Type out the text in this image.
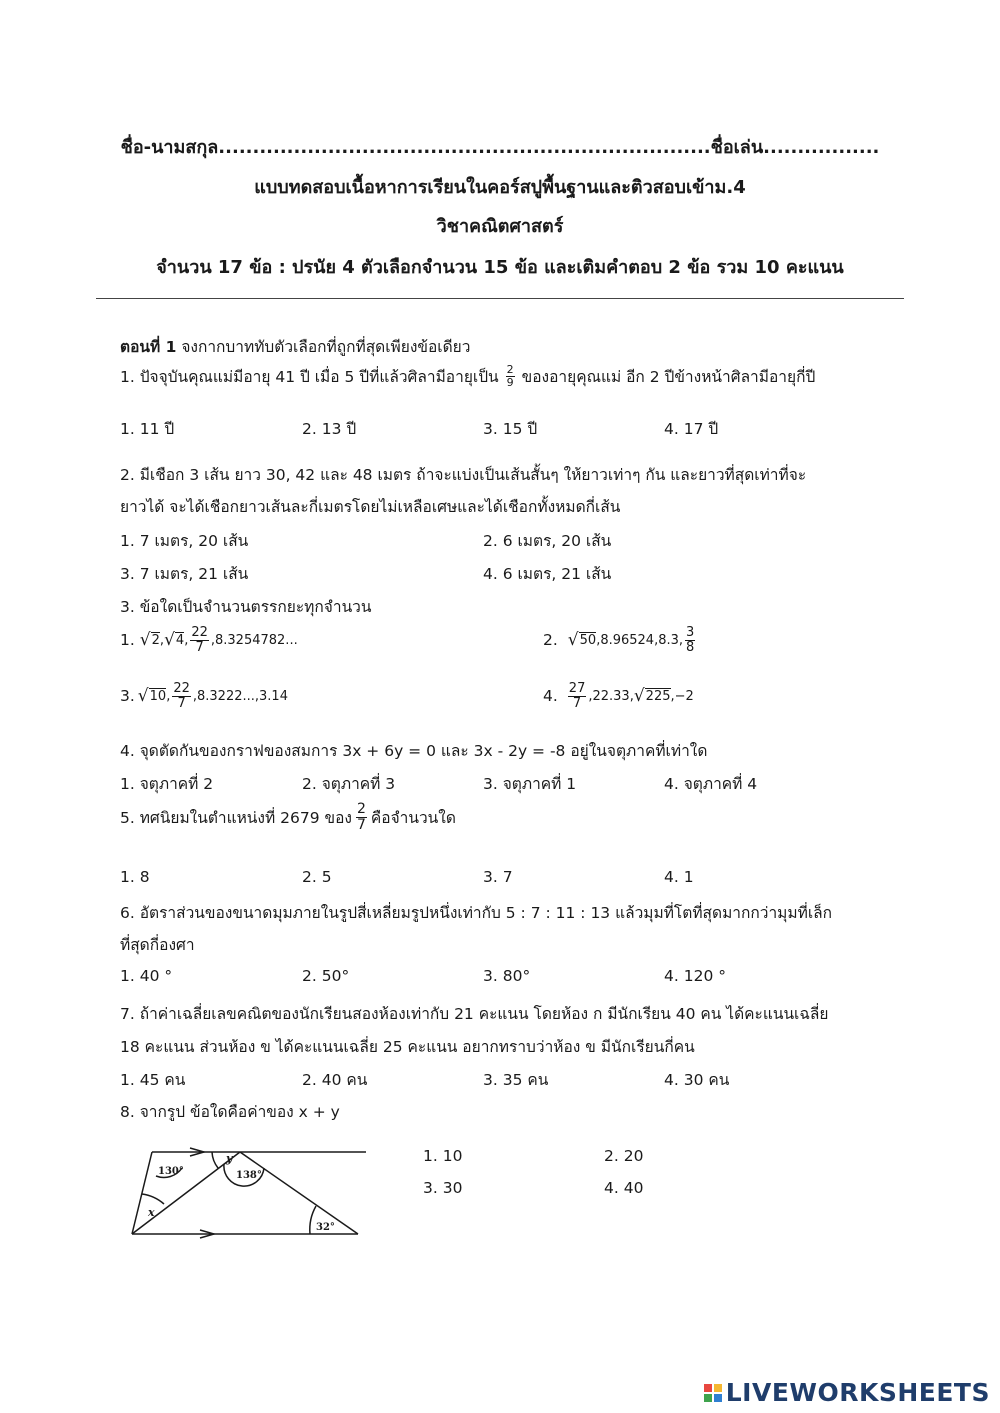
ชื่อ-นามสกุล........................................................................ชื่อเล่น.................
แบบทดสอบเนื้อหาการเรียนในคอร์สปูพื้นฐานและติวสอบเข้าม.4
วิชาคณิตศาสตร์
จำนวน 17 ข้อ : ปรนัย 4 ตัวเลือกจำนวน 15 ข้อ และเติมคำตอบ 2 ข้อ รวม 10 คะแนน
ตอนที่ 1 จงกากบาททับตัวเลือกที่ถูกที่สุดเพียงข้อเดียว
1. ปัจจุบันคุณแม่มีอายุ 41 ปี เมื่อ 5 ปีที่แล้วศิลามีอายุเป็น $\frac{2}{9}$ ของอายุคุณแม่ อีก 2 ปีข้างหน้าศิลามีอายุกี่ปี
1. 11 ปี	2. 13 ปี	3. 15 ปี	4. 17 ปี
2. มีเชือก 3 เส้น ยาว 30, 42 และ 48 เมตร ถ้าจะแบ่งเป็นเส้นสั้นๆ ให้ยาวเท่าๆ กัน และยาวที่สุดเท่าที่จะ
ยาวได้ จะได้เชือกยาวเส้นละกี่เมตรโดยไม่เหลือเศษและได้เชือกทั้งหมดกี่เส้น
1. 7 เมตร, 20 เส้น	2. 6 เมตร, 20 เส้น
3. 7 เมตร, 21 เส้น	4. 6 เมตร, 21 เส้น
3. ข้อใดเป็นจำนวนตรรกยะทุกจำนวน
1. √ 2 , √ 4 , $\frac{22}{7} ,8.3254782$...	2. √ 50 ,8.96524,8.3̇, $\frac{3}{8}$
3. √ 10 , $\frac{22}{7} ,8.3222...,3.14$	4. $\frac{27}{7}$ ,22.33̇, √ 225 ,−2
4. จุดตัดกันของกราฟของสมการ 3x + 6y = 0 และ 3x - 2y = -8 อยู่ในจตุภาคที่เท่าใด
1. จตุภาคที่ 2	2. จตุภาคที่ 3	3. จตุภาคที่ 1	4. จตุภาคที่ 4
5. ทศนิยมในตำแหน่งที่ 2679 ของ $\frac{2}{7}$ คือจำนวนใด
1. 8	2. 5	3. 7	4. 1
6. อัตราส่วนของขนาดมุมภายในรูปสี่เหลี่ยมรูปหนึ่งเท่ากับ 5 : 7 : 11 : 13 แล้วมุมที่โตที่สุดมากกว่ามุมที่เล็ก
ที่สุดกี่องศา
1. 40 °	2. 50°	3. 80°	4. 120 °
7. ถ้าค่าเฉลี่ยเลขคณิตของนักเรียนสองห้องเท่ากับ 21 คะแนน โดยห้อง ก มีนักเรียน 40 คน ได้คะแนนเฉลี่ย
18 คะแนน ส่วนห้อง ข ได้คะแนนเฉลี่ย 25 คะแนน อยากทราบว่าห้อง ข มีนักเรียนกี่คน
1. 45 คน	2. 40 คน	3. 35 คน	4. 30 คน
8. จากรูป ข้อใดคือค่าของ x + y
130°
y
138°
x
32°
1. 10	2. 20
3. 30	4. 40
LIVEWORKSHEETS
